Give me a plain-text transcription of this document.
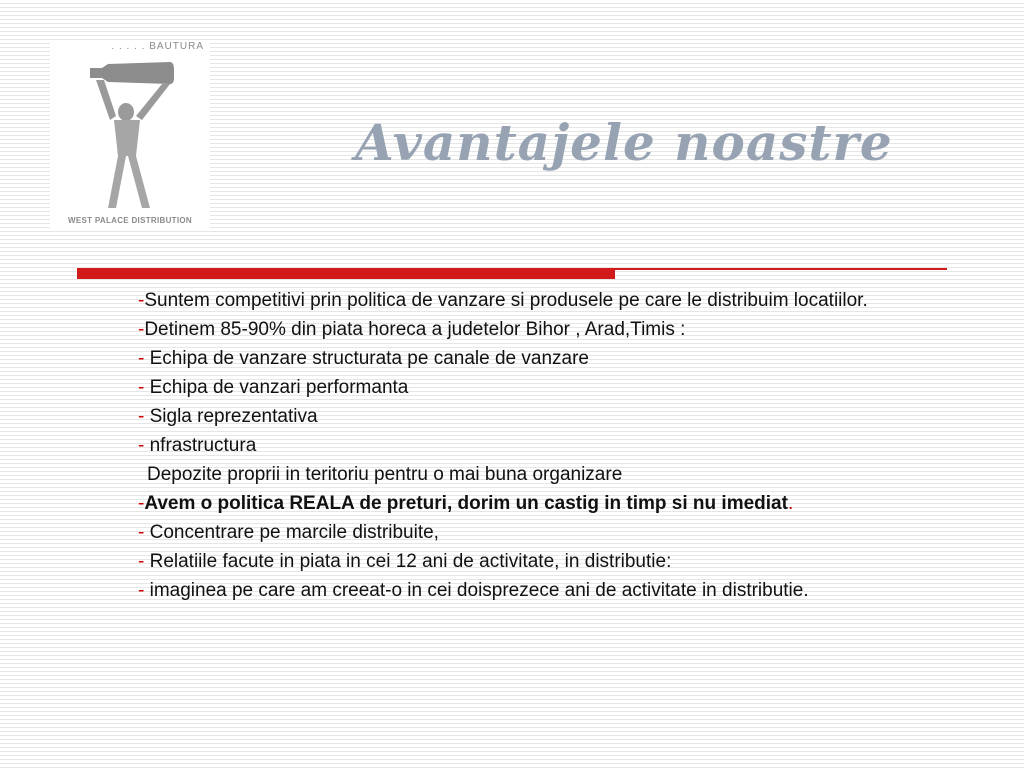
. . . . . BAUTURA
WEST PALACE DISTRIBUTION
Avantajele noastre
-Suntem competitivi prin politica de vanzare si produsele pe care le distribuim locatiilor.
-Detinem 85-90% din piata horeca a judetelor Bihor , Arad,Timis :
- Echipa de vanzare structurata pe canale de vanzare
- Echipa de vanzari performanta
- Sigla reprezentativa
- nfrastructura
Depozite proprii in teritoriu pentru o mai buna organizare
-Avem o politica REALA de preturi, dorim un castig in timp si nu imediat.
- Concentrare pe marcile distribuite,
- Relatiile facute in piata in cei 12 ani de activitate, in distributie:
- imaginea pe care am creeat-o in cei doisprezece ani de activitate in distributie.
